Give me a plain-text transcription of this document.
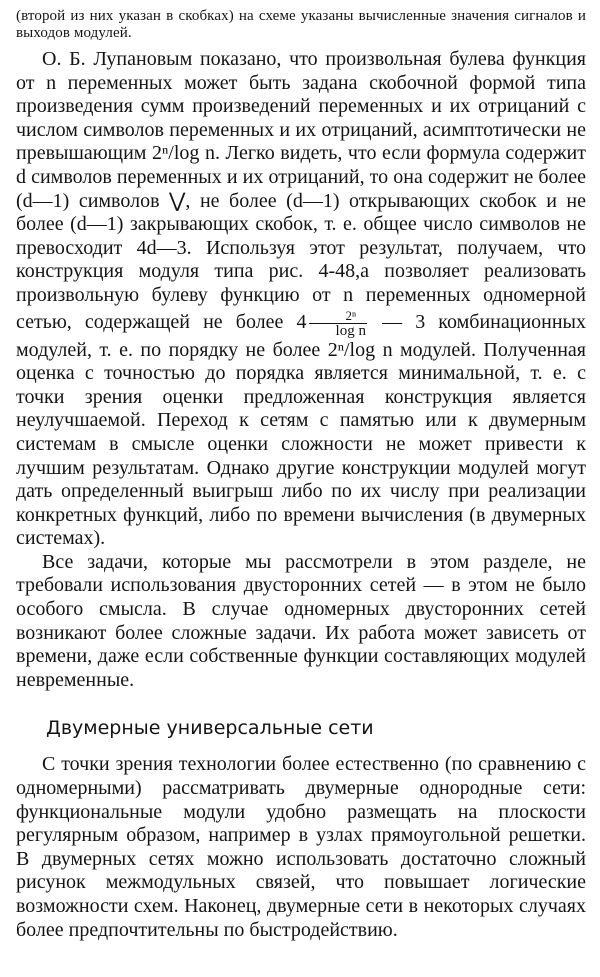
(второй из них указан в скобках) на схеме указаны вычисленные значения сигналов и выходов модулей.

О. Б. Лупановым показано, что произвольная булева функция от n переменных может быть задана скобочной формой типа произведения сумм произведений переменных и их отрицаний с числом символов переменных и их отрицаний, асимптотически не превышающим 2ⁿ/log n. Легко видеть, что если формула содержит d символов переменных и их отрицаний, то она содержит не более (d—1) символов ⋁, не более (d—1) открывающих скобок и не более (d—1) закрывающих скобок, т. е. общее число символов не превосходит 4d—3. Используя этот результат, получаем, что конструкция модуля типа рис. 4-48,а позволяет реализовать произвольную булеву функцию от n переменных одномерной сетью, содержащей не более $4 \frac{\text{2ⁿ}}{\text{log n}}$ — 3 комбинационных модулей, т. е. по порядку не более 2ⁿ/log n модулей. Полученная оценка с точностью до порядка является минимальной, т. е. с точки зрения оценки предложенная конструкция является неулучшаемой. Переход к сетям с памятью или к двумерным системам в смысле оценки сложности не может привести к лучшим результатам. Однако другие конструкции модулей могут дать определенный выигрыш либо по их числу при реализации конкретных функций, либо по времени вычисления (в двумерных системах).

Все задачи, которые мы рассмотрели в этом разделе, не требовали использования двусторонних сетей — в этом не было особого смысла. В случае одномерных двусторонних сетей возникают более сложные задачи. Их работа может зависеть от времени, даже если собственные функции составляющих модулей невременные.

Двумерные универсальные сети

С точки зрения технологии более естественно (по сравнению с одномерными) рассматривать двумерные однородные сети: функциональные модули удобно размещать на плоскости регулярным образом, например в узлах прямоугольной решетки. В двумерных сетях можно использовать достаточно сложный рисунок межмодульных связей, что повышает логические возможности схем. Наконец, двумерные сети в некоторых случаях более предпочтительны по быстродействию.
